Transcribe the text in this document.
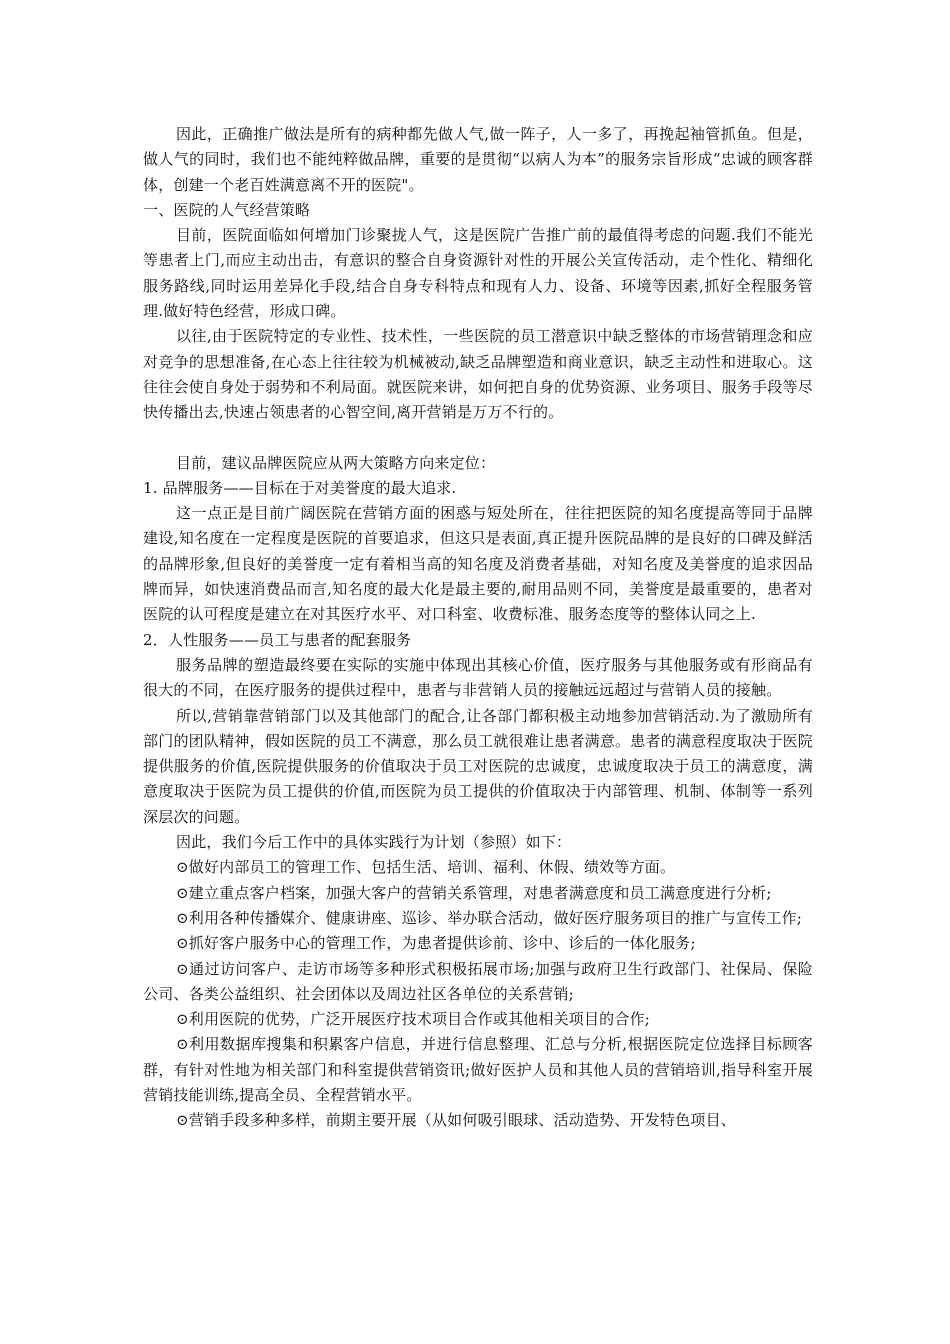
因此，正确推广做法是所有的病种都先做人气,做一阵子，人一多了，再挽起袖管抓鱼。但是，做人气的同时，我们也不能纯粹做品牌，重要的是贯彻“以病人为本”的服务宗旨形成“忠诚的顾客群体，创建一个老百姓满意离不开的医院"。

一、医院的人气经营策略

目前，医院面临如何增加门诊聚拢人气，这是医院广告推广前的最值得考虑的问题.我们不能光等患者上门,而应主动出击，有意识的整合自身资源针对性的开展公关宣传活动，走个性化、精细化服务路线,同时运用差异化手段,结合自身专科特点和现有人力、设备、环境等因素,抓好全程服务管理.做好特色经营，形成口碑。

以往,由于医院特定的专业性、技术性，一些医院的员工潜意识中缺乏整体的市场营销理念和应对竞争的思想准备,在心态上往往较为机械被动,缺乏品牌塑造和商业意识，缺乏主动性和进取心。这往往会使自身处于弱势和不利局面。就医院来讲，如何把自身的优势资源、业务项目、服务手段等尽快传播出去,快速占领患者的心智空间,离开营销是万万不行的。

目前，建议品牌医院应从两大策略方向来定位：

1. 品牌服务——目标在于对美誉度的最大追求.

这一点正是目前广阔医院在营销方面的困惑与短处所在，往往把医院的知名度提高等同于品牌建设,知名度在一定程度是医院的首要追求，但这只是表面,真正提升医院品牌的是良好的口碑及鲜活的品牌形象,但良好的美誉度一定有着相当高的知名度及消费者基础，对知名度及美誉度的追求因品牌而异，如快速消费品而言,知名度的最大化是最主要的,耐用品则不同，美誉度是最重要的，患者对医院的认可程度是建立在对其医疗水平、对口科室、收费标准、服务态度等的整体认同之上.

2．人性服务——员工与患者的配套服务

服务品牌的塑造最终要在实际的实施中体现出其核心价值，医疗服务与其他服务或有形商品有很大的不同，在医疗服务的提供过程中，患者与非营销人员的接触远远超过与营销人员的接触。

所以,营销靠营销部门以及其他部门的配合,让各部门都积极主动地参加营销活动.为了激励所有部门的团队精神，假如医院的员工不满意，那么员工就很难让患者满意。患者的满意程度取决于医院提供服务的价值,医院提供服务的价值取决于员工对医院的忠诚度，忠诚度取决于员工的满意度，满意度取决于医院为员工提供的价值,而医院为员工提供的价值取决于内部管理、机制、体制等一系列深层次的问题。

因此，我们今后工作中的具体实践行为计划（参照）如下：

⊙做好内部员工的管理工作、包括生活、培训、福利、休假、绩效等方面。

⊙建立重点客户档案，加强大客户的营销关系管理，对患者满意度和员工满意度进行分析;

⊙利用各种传播媒介、健康讲座、巡诊、举办联合活动，做好医疗服务项目的推广与宣传工作;

⊙抓好客户服务中心的管理工作，为患者提供诊前、诊中、诊后的一体化服务;

⊙通过访问客户、走访市场等多种形式积极拓展市场;加强与政府卫生行政部门、社保局、保险公司、各类公益组织、社会团体以及周边社区各单位的关系营销;

⊙利用医院的优势，广泛开展医疗技术项目合作或其他相关项目的合作;

⊙利用数据库搜集和积累客户信息，并进行信息整理、汇总与分析,根据医院定位选择目标顾客群，有针对性地为相关部门和科室提供营销资讯;做好医护人员和其他人员的营销培训,指导科室开展营销技能训练,提高全员、全程营销水平。

⊙营销手段多种多样，前期主要开展（从如何吸引眼球、活动造势、开发特色项目、
